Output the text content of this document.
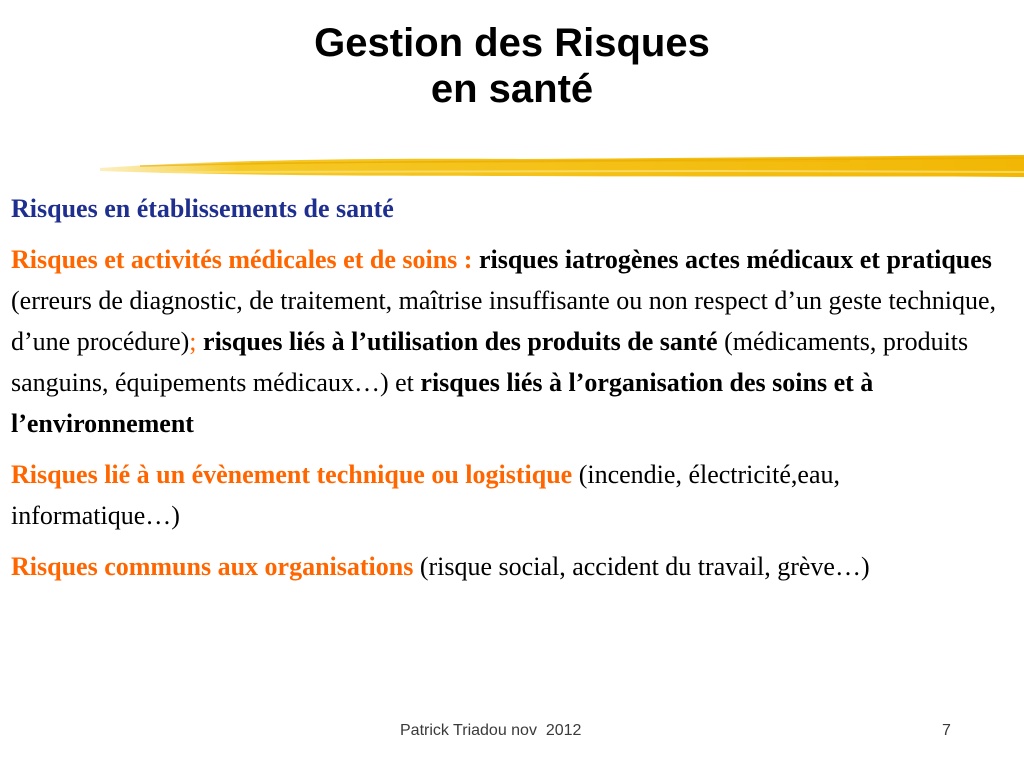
Gestion des Risques
en santé

Risques en établissements de santé

Risques et activités médicales et de soins : risques iatrogènes actes médicaux et pratiques (erreurs de diagnostic, de traitement, maîtrise insuffisante ou non respect d’un geste technique, d’une procédure); risques liés à l’utilisation des produits de santé (médicaments, produits sanguins, équipements médicaux…) et risques liés à l’organisation des soins et à l’environnement

Risques lié à un évènement technique ou logistique (incendie, électricité,eau, informatique…)

Risques communs aux organisations (risque social, accident du travail, grève…)

Patrick Triadou nov  2012	7
